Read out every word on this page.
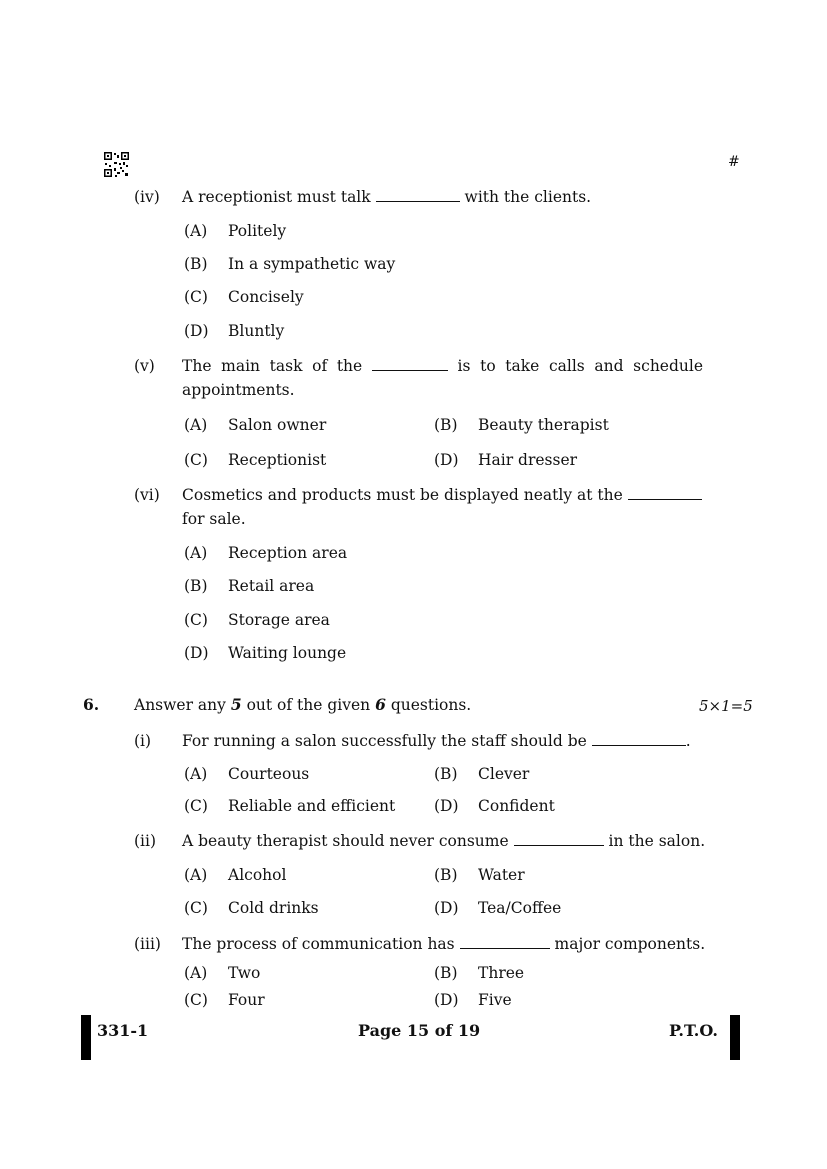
#
(iv) A receptionist must talk	with the clients.
(A) Politely
(B) In a sympathetic way
(C) Concisely
(D) Bluntly
(v) The main task of the	is to take calls and schedule
appointments.
(A) Salon owner	(B) Beauty therapist
(C) Receptionist	(D) Hair dresser
(vi) Cosmetics and products must be displayed neatly at the
for sale.
(A) Reception area
(B) Retail area
(C) Storage area
(D) Waiting lounge
6. Answer any 5 out of the given 6 questions.	5×1=5
(i) For running a salon successfully the staff should be	.
(A) Courteous	(B) Clever
(C) Reliable and efficient	(D) Confident
(ii) A beauty therapist should never consume	in the salon.
(A) Alcohol	(B) Water
(C) Cold drinks	(D) Tea/Coffee
(iii) The process of communication has	major components.
(A) Two	(B) Three
(C) Four	(D) Five
331-1	Page 15 of 19	P.T.O.
